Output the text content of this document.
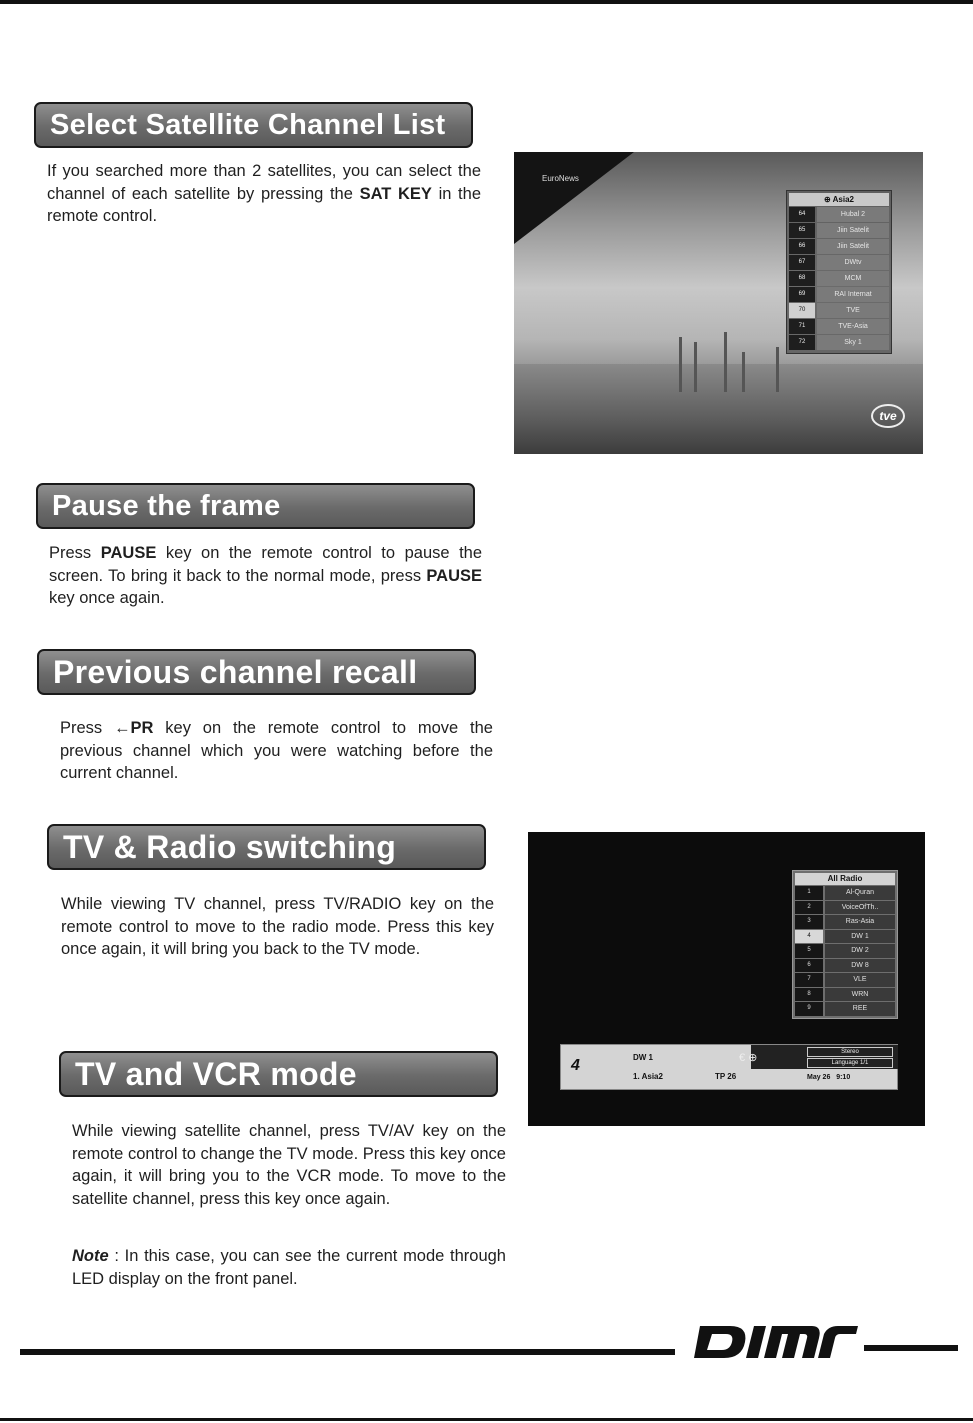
Select Satellite Channel List
If you searched more than 2 satellites, you can select the channel of each satellite by pressing the SAT KEY in the remote control.
EuroNews
⊕ Asia2
64	Hubal 2
65	Jiin Satelit
66	Jiin Satelit
67	DWtv
68	MCM
69	RAI Internat
70	TVE
71	TVE-Asia
72	Sky 1
tve
Pause the frame
Press PAUSE key on the remote control to pause the screen. To bring it back to the normal mode, press PAUSE key once again.
Previous channel recall
Press ←PR key on the remote control to move the previous channel which you were watching before the current channel.
TV & Radio switching
While viewing TV channel, press TV/RADIO key on the remote control to move to the radio mode. Press this key once again, it will bring you back to the TV mode.
All Radio
1	Al-Quran
2	VoiceOfTh..
3	Ras-Asia
4	DW 1
5	DW 2
6	DW 8
7	VLE
8	WRN
9	REE
4	DW 1
1. Asia2	TP 26
€ ⊕	Stereo
Language 1/1
May 26 9:10
TV and VCR mode
While viewing satellite channel, press TV/AV key on the remote control to change the TV mode. Press this key once again, it will bring you to the VCR mode. To move to the satellite channel, press this key once again.
Note : In this case, you can see the current mode through LED display on the front panel.
